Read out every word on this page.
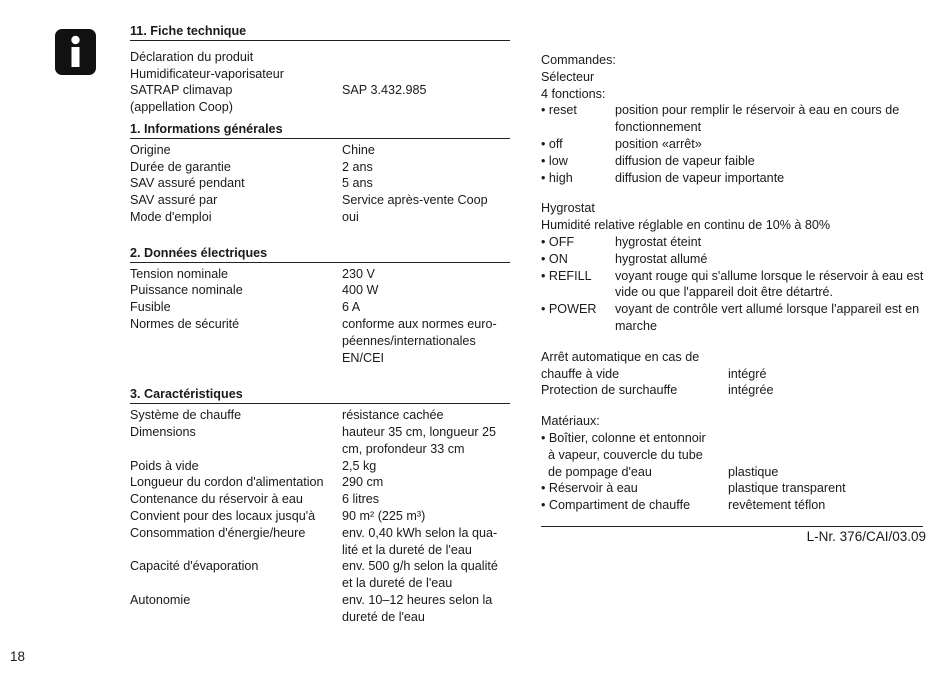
11. Fiche technique
Déclaration du produit
Humidificateur-vaporisateur
SATRAP climavap	SAP 3.432.985
(appellation Coop)
1. Informations générales
Origine	Chine
Durée de garantie	2 ans
SAV assuré pendant	5 ans
SAV assuré par	Service après-vente Coop
Mode d'emploi	oui
2. Données électriques
Tension nominale	230 V
Puissance nominale	400 W
Fusible	6 A
Normes de sécurité	conforme aux normes euro-péennes/internationales EN/CEI
3. Caractéristiques
Système de chauffe	résistance cachée
Dimensions	hauteur 35 cm, longueur 25 cm, profondeur 33 cm
Poids à vide	2,5 kg
Longueur du cordon d'alimentation	290 cm
Contenance du réservoir à eau	6 litres
Convient pour des locaux jusqu'à	90 m² (225 m³)
Consommation d'énergie/heure	env. 0,40 kWh selon la qua-lité et la dureté de l'eau
Capacité d'évaporation	env. 500 g/h selon la qualité et la dureté de l'eau
Autonomie	env. 10–12 heures selon la dureté de l'eau
Commandes:
Sélecteur
4 fonctions:
• reset	position pour remplir le réservoir à eau en cours de fonctionnement
• off	position «arrêt»
• low	diffusion de vapeur faible
• high	diffusion de vapeur importante
Hygrostat
Humidité relative réglable en continu de 10% à 80%
• OFF	hygrostat éteint
• ON	hygrostat allumé
• REFILL	voyant rouge qui s'allume lorsque le réservoir à eau est vide ou que l'appareil doit être détartré.
• POWER	voyant de contrôle vert allumé lorsque l'appareil est en marche
Arrêt automatique en cas de
chauffe à vide	intégré
Protection de surchauffe	intégrée
Matériaux:
• Boîtier, colonne et entonnoir
à vapeur, couvercle du tube
de pompage d'eau	plastique
• Réservoir à eau	plastique transparent
• Compartiment de chauffe	revêtement téflon
L-Nr. 376/CAI/03.09
18
